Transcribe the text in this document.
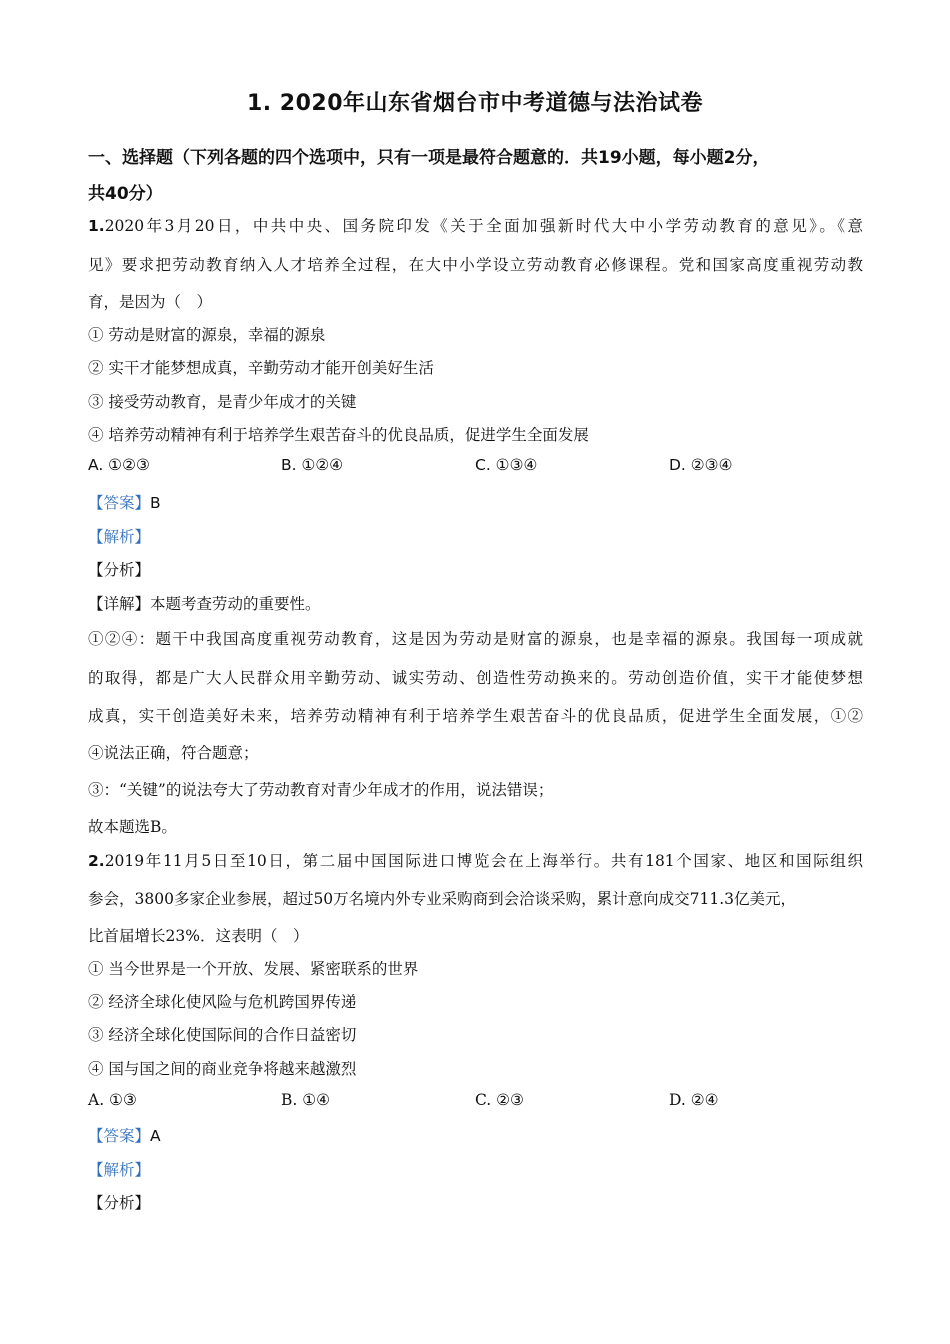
1. 2020年山东省烟台市中考道德与法治试卷
一、选择题（下列各题的四个选项中，只有一项是最符合题意的．共19小题，每小题2分，
共40分）
1.2020年3月20日，中共中央、国务院印发《关于全面加强新时代大中小学劳动教育的意见》。《意
见》要求把劳动教育纳入人才培养全过程，在大中小学设立劳动教育必修课程。党和国家高度重视劳动教
育，是因为（　）
① 劳动是财富的源泉，幸福的源泉
② 实干才能梦想成真，辛勤劳动才能开创美好生活
③ 接受劳动教育，是青少年成才的关键
④ 培养劳动精神有利于培养学生艰苦奋斗的优良品质，促进学生全面发展
A. ①②③	B. ①②④	C. ①③④	D. ②③④
【答案】B
【解析】
【分析】
【详解】本题考查劳动的重要性。
①②④：题干中我国高度重视劳动教育，这是因为劳动是财富的源泉，也是幸福的源泉。我国每一项成就
的取得，都是广大人民群众用辛勤劳动、诚实劳动、创造性劳动换来的。劳动创造价值，实干才能使梦想
成真，实干创造美好未来，培养劳动精神有利于培养学生艰苦奋斗的优良品质，促进学生全面发展，①②
④说法正确，符合题意；
③：“关键”的说法夸大了劳动教育对青少年成才的作用，说法错误；
故本题选B。
2.2019年11月5日至10日，第二届中国国际进口博览会在上海举行。共有181个国家、地区和国际组织
参会，3800多家企业参展，超过50万名境内外专业采购商到会洽谈采购，累计意向成交711.3亿美元，
比首届增长23%．这表明（　）
① 当今世界是一个开放、发展、紧密联系的世界
② 经济全球化使风险与危机跨国界传递
③ 经济全球化使国际间的合作日益密切
④ 国与国之间的商业竞争将越来越激烈
A. ①③	B. ①④	C. ②③	D. ②④
【答案】A
【解析】
【分析】
